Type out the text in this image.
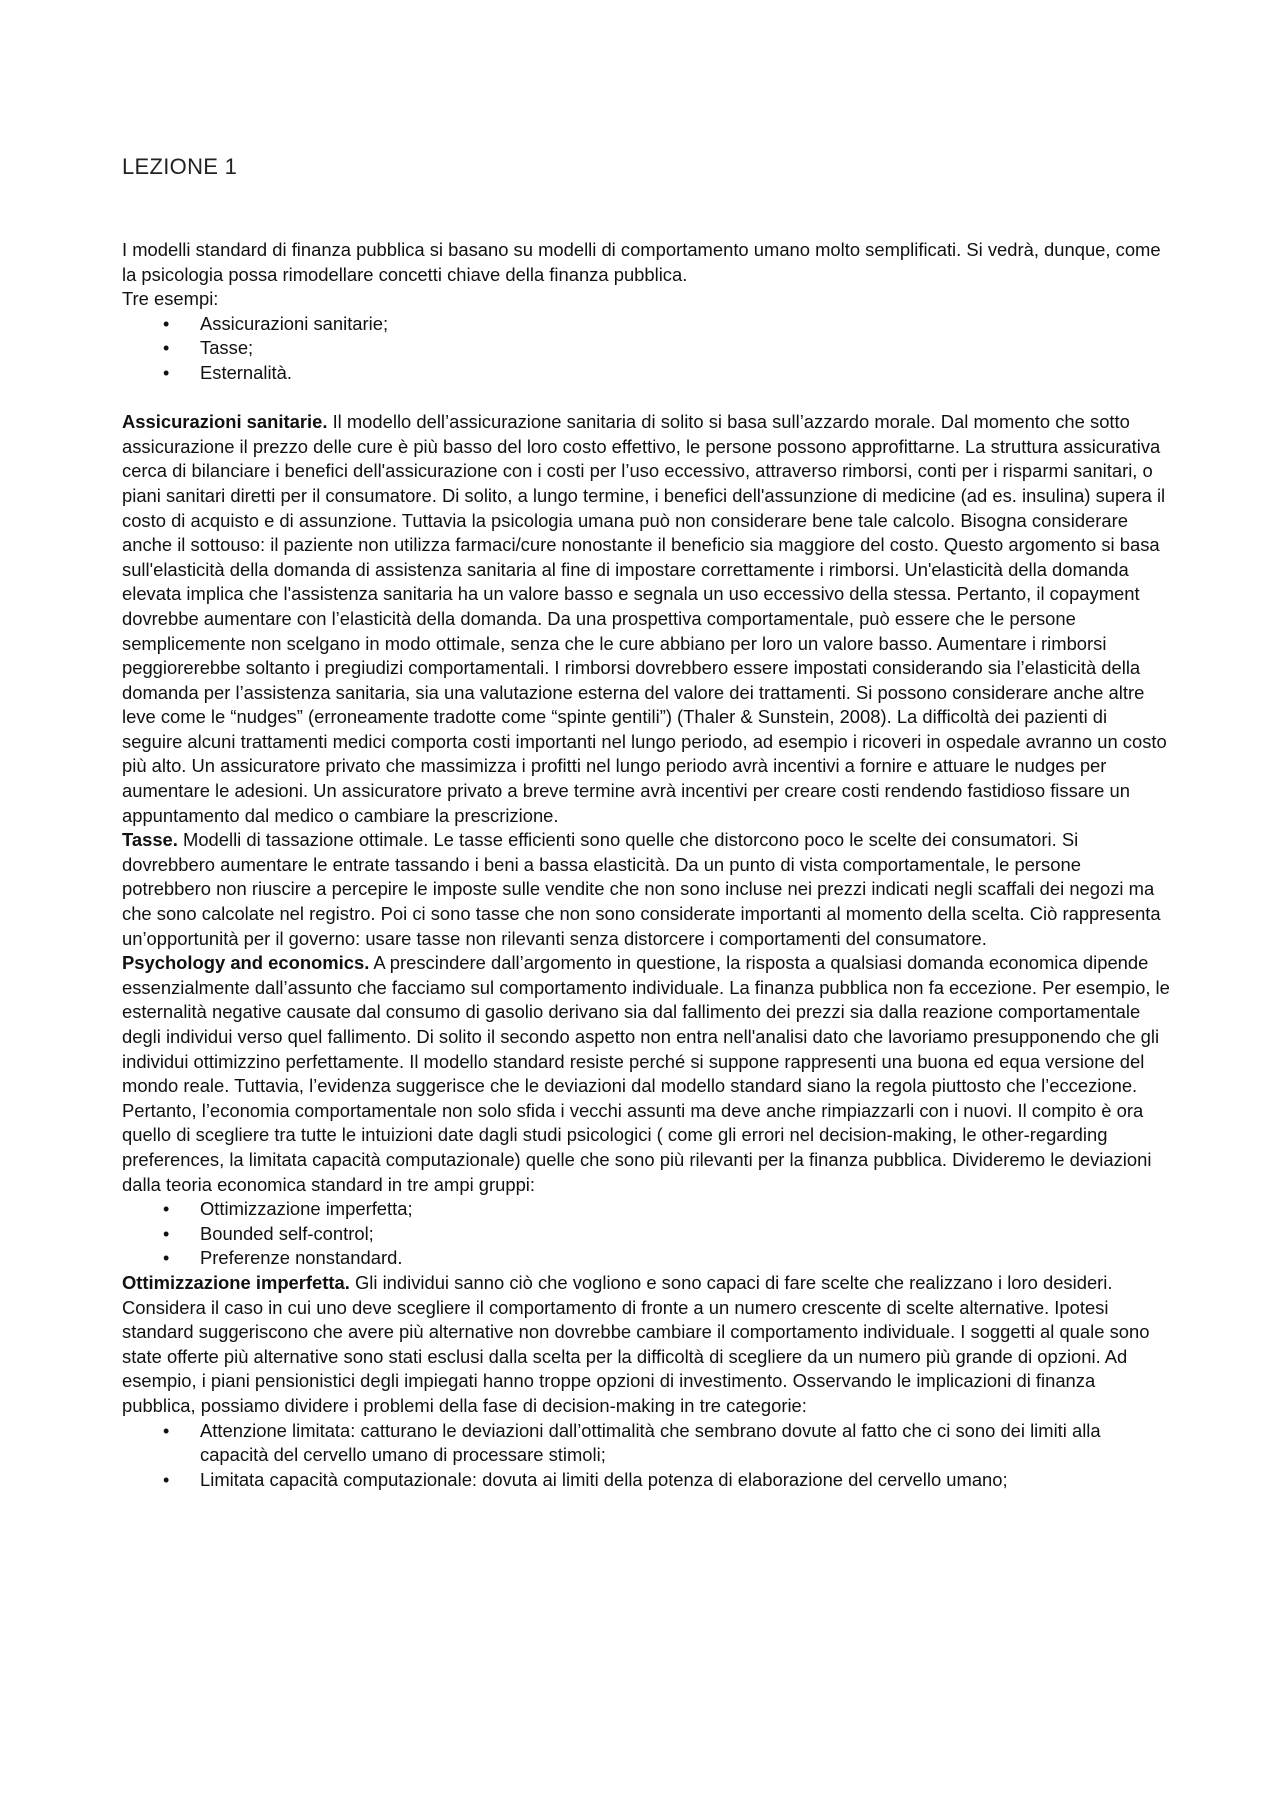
LEZIONE 1

I modelli standard di finanza pubblica si basano su modelli di comportamento umano molto semplificati. Si vedrà, dunque, come la psicologia possa rimodellare concetti chiave della finanza pubblica.

Tre esempi:

• Assicurazioni sanitarie;
• Tasse;
• Esternalità.

Assicurazioni sanitarie. Il modello dell’assicurazione sanitaria di solito si basa sull’azzardo morale. Dal momento che sotto assicurazione il prezzo delle cure è più basso del loro costo effettivo, le persone possono approfittarne. La struttura assicurativa cerca di bilanciare i benefici dell'assicurazione con i costi per l’uso eccessivo, attraverso rimborsi, conti per i risparmi sanitari, o piani sanitari diretti per il consumatore. Di solito, a lungo termine, i benefici dell'assunzione di medicine (ad es. insulina) supera il costo di acquisto e di assunzione. Tuttavia la psicologia umana può non considerare bene tale calcolo. Bisogna considerare anche il sottouso: il paziente non utilizza farmaci/cure nonostante il beneficio sia maggiore del costo. Questo argomento si basa sull'elasticità della domanda di assistenza sanitaria al fine di impostare correttamente i rimborsi. Un'elasticità della domanda elevata implica che l'assistenza sanitaria ha un valore basso e segnala un uso eccessivo della stessa. Pertanto, il copayment dovrebbe aumentare con l’elasticità della domanda. Da una prospettiva comportamentale, può essere che le persone semplicemente non scelgano in modo ottimale, senza che le cure abbiano per loro un valore basso. Aumentare i rimborsi peggiorerebbe soltanto i pregiudizi comportamentali. I rimborsi dovrebbero essere impostati considerando sia l’elasticità della domanda per l’assistenza sanitaria, sia una valutazione esterna del valore dei trattamenti. Si possono considerare anche altre leve come le “nudges” (erroneamente tradotte come “spinte gentili”) (Thaler & Sunstein, 2008). La difficoltà dei pazienti di seguire alcuni trattamenti medici comporta costi importanti nel lungo periodo, ad esempio i ricoveri in ospedale avranno un costo più alto. Un assicuratore privato che massimizza i profitti nel lungo periodo avrà incentivi a fornire e attuare le nudges per aumentare le adesioni. Un assicuratore privato a breve termine avrà incentivi per creare costi rendendo fastidioso fissare un appuntamento dal medico o cambiare la prescrizione.

Tasse. Modelli di tassazione ottimale. Le tasse efficienti sono quelle che distorcono poco le scelte dei consumatori. Si dovrebbero aumentare le entrate tassando i beni a bassa elasticità. Da un punto di vista comportamentale, le persone potrebbero non riuscire a percepire le imposte sulle vendite che non sono incluse nei prezzi indicati negli scaffali dei negozi ma che sono calcolate nel registro. Poi ci sono tasse che non sono considerate importanti al momento della scelta. Ciò rappresenta un’opportunità per il governo: usare tasse non rilevanti senza distorcere i comportamenti del consumatore.

Psychology and economics. A prescindere dall’argomento in questione, la risposta a qualsiasi domanda economica dipende essenzialmente dall’assunto che facciamo sul comportamento individuale. La finanza pubblica non fa eccezione. Per esempio, le esternalità negative causate dal consumo di gasolio derivano sia dal fallimento dei prezzi sia dalla reazione comportamentale degli individui verso quel fallimento. Di solito il secondo aspetto non entra nell'analisi dato che lavoriamo presupponendo che gli individui ottimizzino perfettamente. Il modello standard resiste perché si suppone rappresenti una buona ed equa versione del mondo reale. Tuttavia, l’evidenza suggerisce che le deviazioni dal modello standard siano la regola piuttosto che l’eccezione. Pertanto, l’economia comportamentale non solo sfida i vecchi assunti ma deve anche rimpiazzarli con i nuovi. Il compito è ora quello di scegliere tra tutte le intuizioni date dagli studi psicologici ( come gli errori nel decision-making, le other-regarding preferences, la limitata capacità computazionale) quelle che sono più rilevanti per la finanza pubblica. Divideremo le deviazioni dalla teoria economica standard in tre ampi gruppi:

• Ottimizzazione imperfetta;
• Bounded self-control;
• Preferenze nonstandard.

Ottimizzazione imperfetta. Gli individui sanno ciò che vogliono e sono capaci di fare scelte che realizzano i loro desideri. Considera il caso in cui uno deve scegliere il comportamento di fronte a un numero crescente di scelte alternative. Ipotesi standard suggeriscono che avere più alternative non dovrebbe cambiare il comportamento individuale. I soggetti al quale sono state offerte più alternative sono stati esclusi dalla scelta per la difficoltà di scegliere da un numero più grande di opzioni. Ad esempio, i piani pensionistici degli impiegati hanno troppe opzioni di investimento. Osservando le implicazioni di finanza pubblica, possiamo dividere i problemi della fase di decision-making in tre categorie:

• Attenzione limitata: catturano le deviazioni dall’ottimalità che sembrano dovute al fatto che ci sono dei limiti alla capacità del cervello umano di processare stimoli;
• Limitata capacità computazionale: dovuta ai limiti della potenza di elaborazione del cervello umano;
